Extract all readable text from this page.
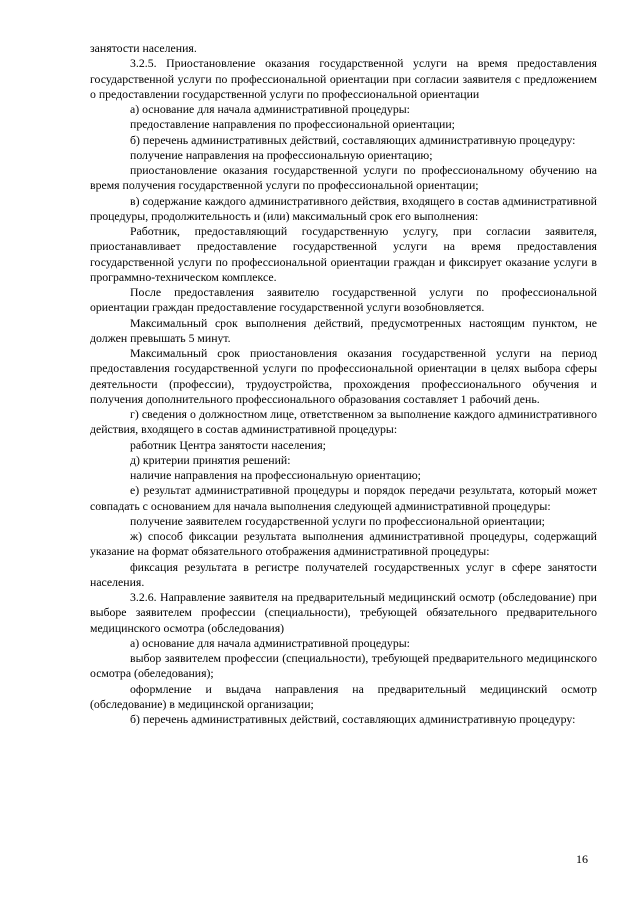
занятости населения.

3.2.5. Приостановление оказания государственной услуги на время предоставления государственной услуги по профессиональной ориентации при согласии заявителя с предложением о предоставлении государственной услуги по профессиональной ориентации

а) основание для начала административной процедуры:

предоставление направления по профессиональной ориентации;

б) перечень административных действий, составляющих административную процедуру:

получение направления на профессиональную ориентацию;

приостановление оказания государственной услуги по профессиональному обучению на время получения государственной услуги по профессиональной ориентации;

в) содержание каждого административного действия, входящего в состав административной процедуры, продолжительность и (или) максимальный срок его выполнения:

Работник, предоставляющий государственную услугу, при согласии заявителя, приостанавливает предоставление государственной услуги на время предоставления государственной услуги по профессиональной ориентации граждан и фиксирует оказание услуги в программно-техническом комплексе.

После предоставления заявителю государственной услуги по профессиональной ориентации граждан предоставление государственной услуги возобновляется.

Максимальный срок выполнения действий, предусмотренных настоящим пунктом, не должен превышать 5 минут.

Максимальный срок приостановления оказания государственной услуги на период предоставления государственной услуги по профессиональной ориентации в целях выбора сферы деятельности (профессии), трудоустройства, прохождения профессионального обучения и получения дополнительного профессионального образования составляет 1 рабочий день.

г) сведения о должностном лице, ответственном за выполнение каждого административного действия, входящего в состав административной процедуры:

работник Центра занятости населения;

д) критерии принятия решений:

наличие направления на профессиональную ориентацию;

е) результат административной процедуры и порядок передачи результата, который может совпадать с основанием для начала выполнения следующей административной процедуры:

получение заявителем государственной услуги по профессиональной ориентации;

ж) способ фиксации результата выполнения административной процедуры, содержащий указание на формат обязательного отображения административной процедуры:

фиксация результата в регистре получателей государственных услуг в сфере занятости населения.

3.2.6. Направление заявителя на предварительный медицинский осмотр (обследование) при выборе заявителем профессии (специальности), требующей обязательного предварительного медицинского осмотра (обследования)

а) основание для начала административной процедуры:

выбор заявителем профессии (специальности), требующей предварительного медицинского осмотра (обеледования);

оформление и выдача направления на предварительный медицинский осмотр (обследование) в медицинской организации;

б) перечень административных действий, составляющих административную процедуру:

16
